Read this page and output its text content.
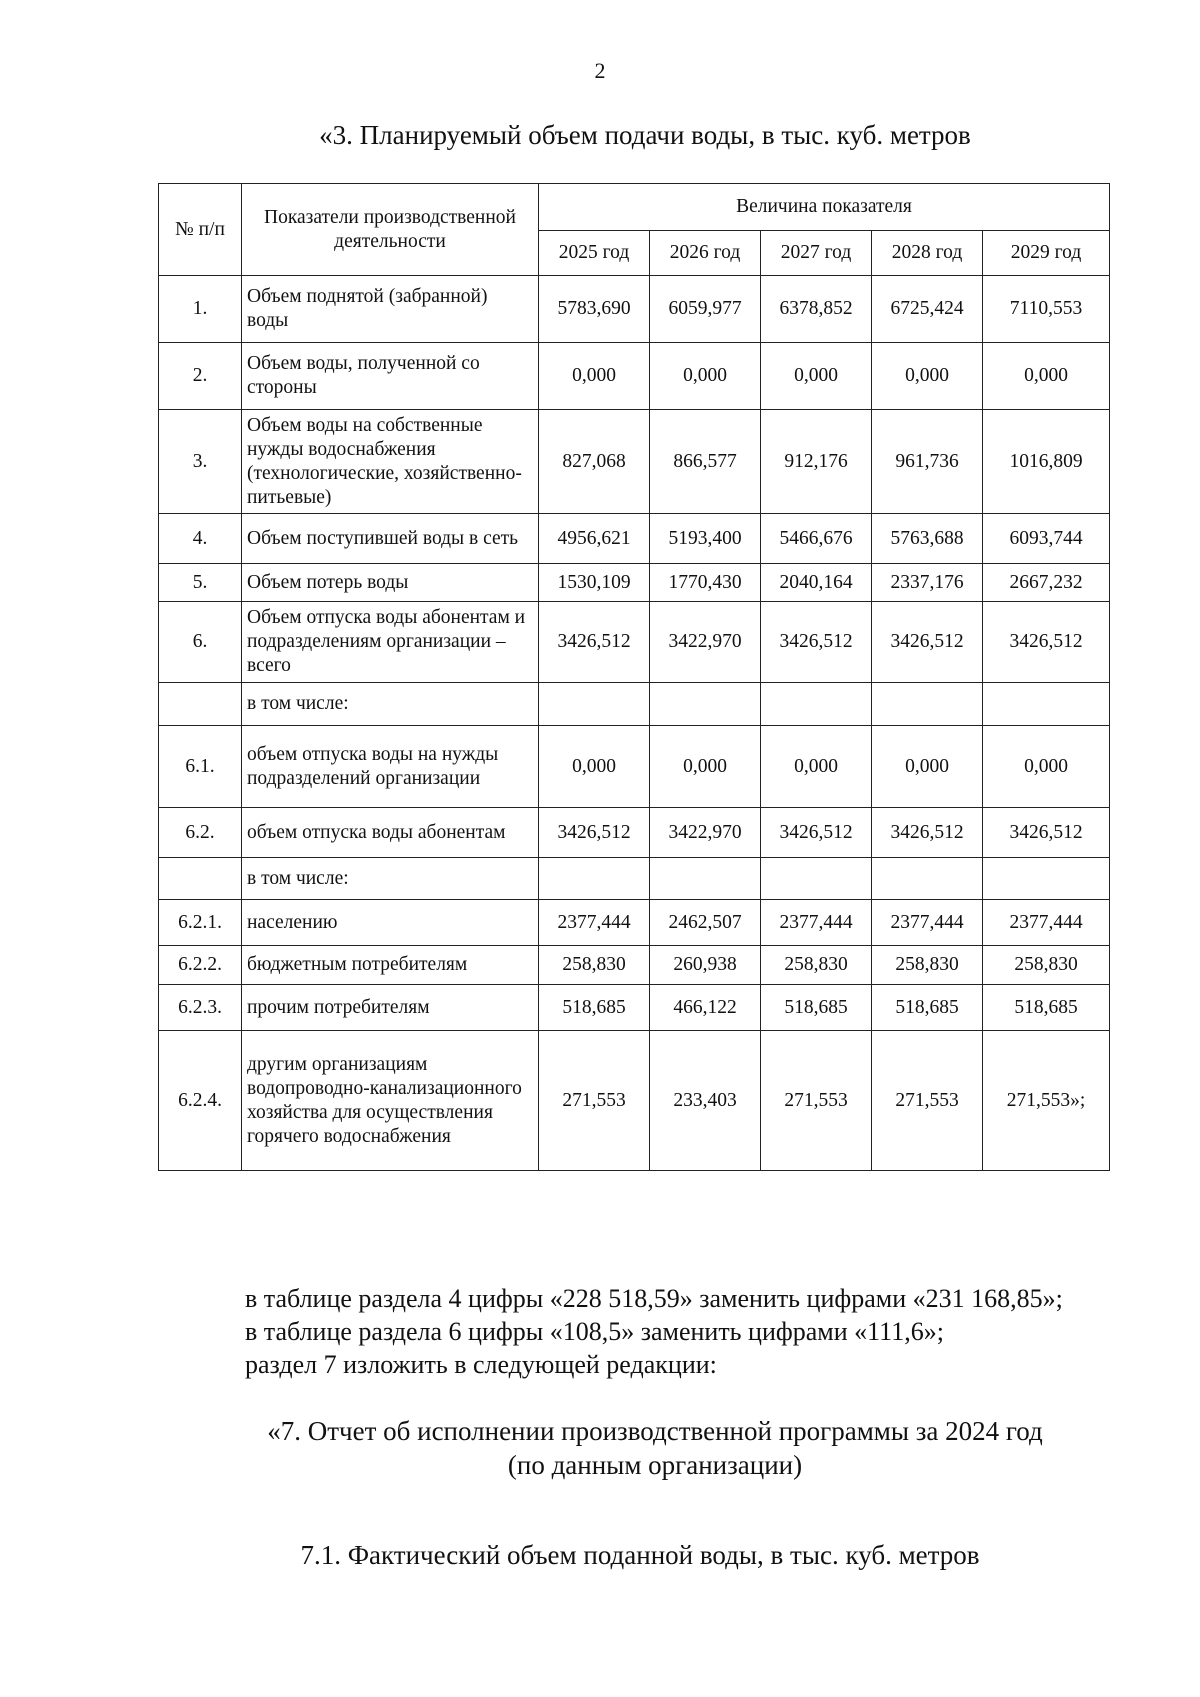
2
«3. Планируемый объем подачи воды, в тыс. куб. метров
№ п/п	Показатели производственной деятельности	Величина показателя				
		2025 год	2026 год	2027 год	2028 год	2029 год
1.	Объем поднятой (забранной) воды	5783,690	6059,977	6378,852	6725,424	7110,553
2.	Объем воды, полученной со стороны	0,000	0,000	0,000	0,000	0,000
3.	Объем воды на собственные нужды водоснабжения (технологические, хозяйственно-питьевые)	827,068	866,577	912,176	961,736	1016,809
4.	Объем поступившей воды в сеть	4956,621	5193,400	5466,676	5763,688	6093,744
5.	Объем потерь воды	1530,109	1770,430	2040,164	2337,176	2667,232
6.	Объем отпуска воды абонентам и подразделениям организации – всего	3426,512	3422,970	3426,512	3426,512	3426,512
	в том числе:					
6.1.	объем отпуска воды на нужды подразделений организации	0,000	0,000	0,000	0,000	0,000
6.2.	объем отпуска воды абонентам	3426,512	3422,970	3426,512	3426,512	3426,512
	в том числе:					
6.2.1.	населению	2377,444	2462,507	2377,444	2377,444	2377,444
6.2.2.	бюджетным потребителям	258,830	260,938	258,830	258,830	258,830
6.2.3.	прочим потребителям	518,685	466,122	518,685	518,685	518,685
6.2.4.	другим организациям водопроводно-канализационного хозяйства для осуществления горячего водоснабжения	271,553	233,403	271,553	271,553	271,553»;
в таблице раздела 4 цифры «228 518,59» заменить цифрами «231 168,85»;
в таблице раздела 6 цифры «108,5» заменить цифрами «111,6»;
раздел 7 изложить в следующей редакции:
«7. Отчет об исполнении производственной программы за 2024 год
(по данным организации)
7.1. Фактический объем поданной воды, в тыс. куб. метров
